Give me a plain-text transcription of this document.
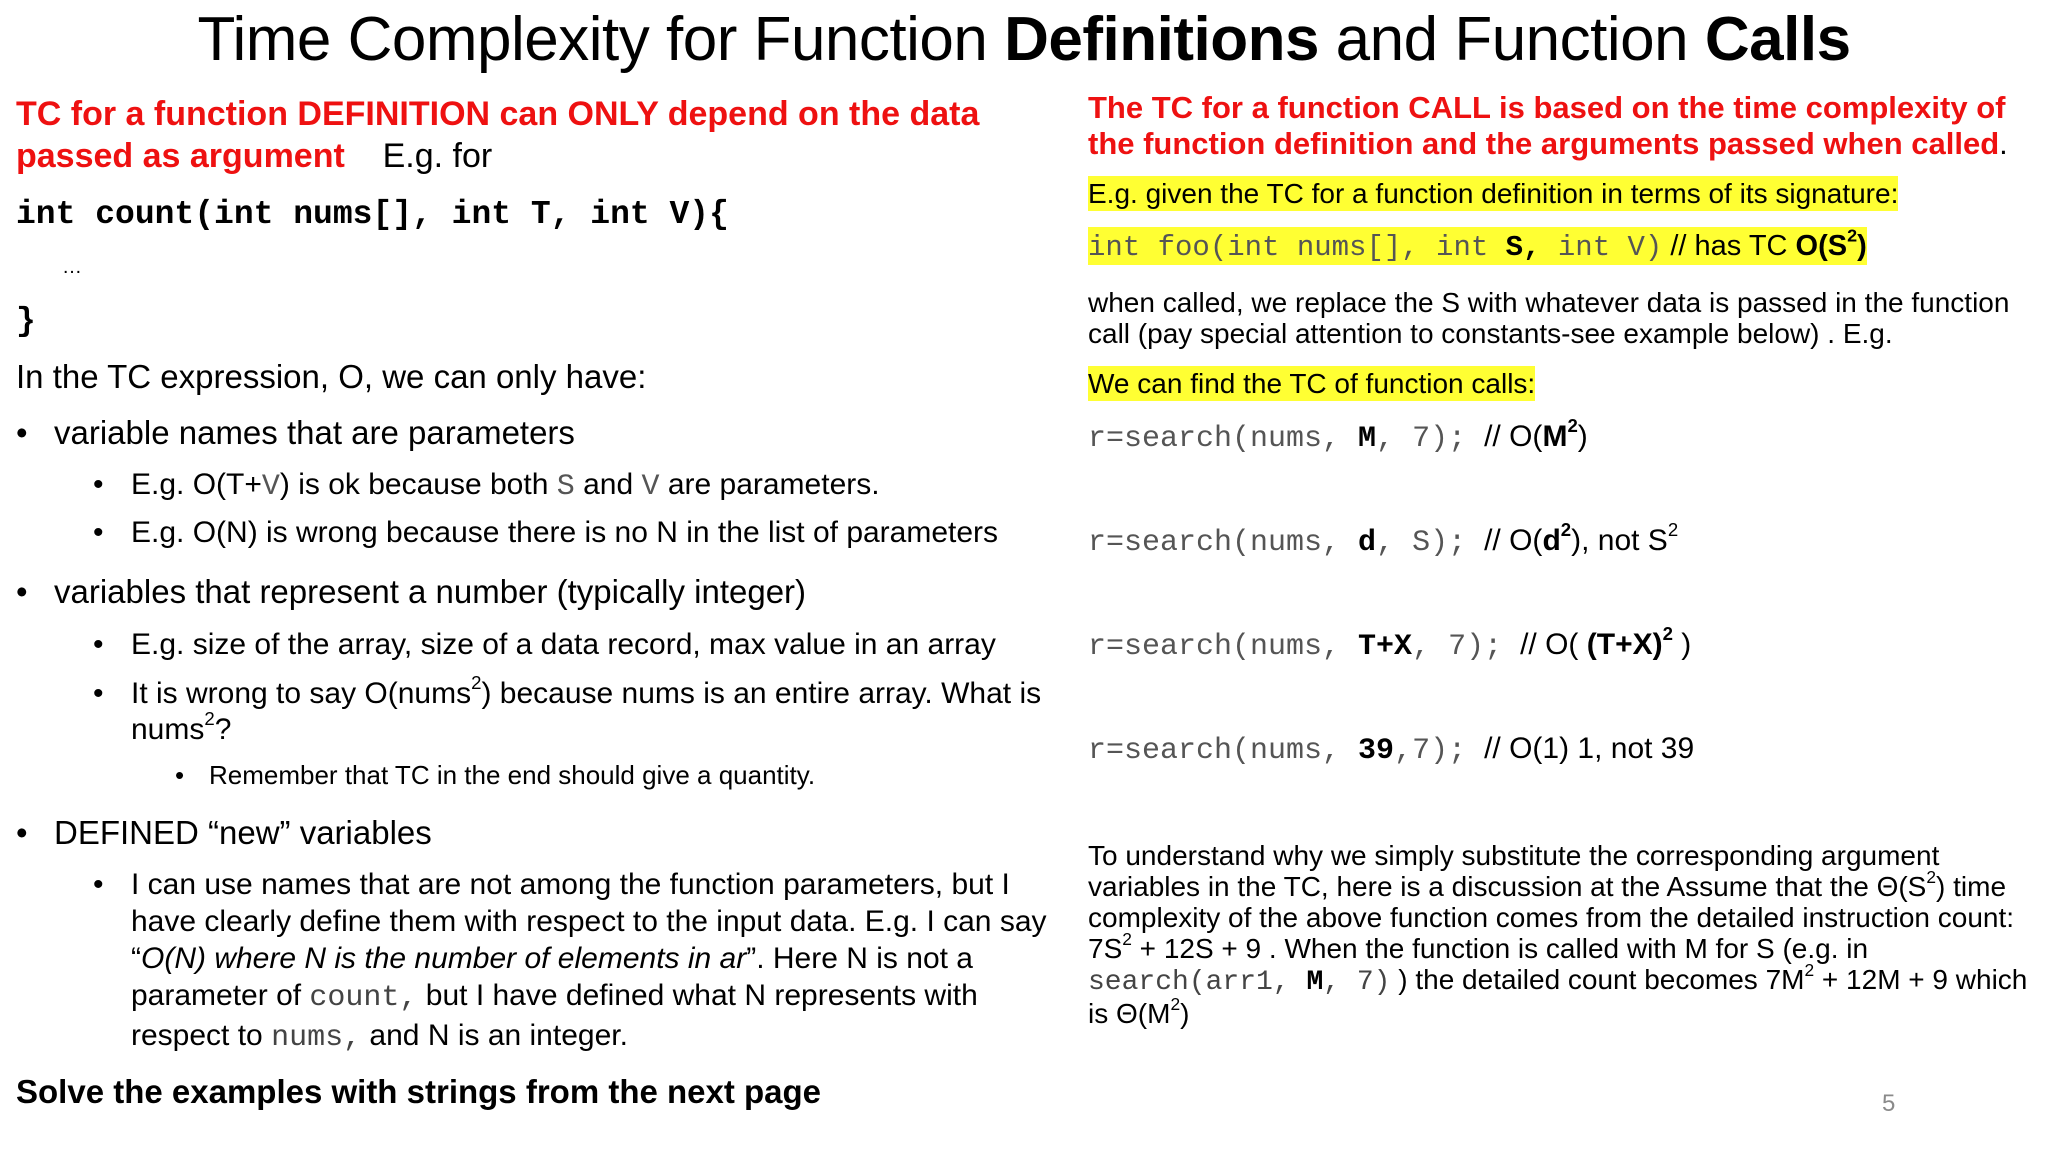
Time Complexity for Function Definitions and Function Calls
TC for a function DEFINITION can ONLY depend on the data passed as argument E.g. for
int count(int nums[], int T, int V){
…
}
In the TC expression, O, we can only have:
• variable names that are parameters
• E.g. O(T+V) is ok because both S and V are parameters.
• E.g. O(N) is wrong because there is no N in the list of parameters
• variables that represent a number (typically integer)
• E.g. size of the array, size of a data record, max value in an array
• It is wrong to say O(nums$^2$) because nums is an entire array. What is nums$^2$?
• Remember that TC in the end should give a quantity.
• DEFINED “new” variables
• I can use names that are not among the function parameters, but I have clearly define them with respect to the input data. E.g. I can say “O(N) where N is the number of elements in ar”. Here N is not a parameter of count, but I have defined what N represents with respect to nums, and N is an integer.
Solve the examples with strings from the next page
The TC for a function CALL is based on the time complexity of the function definition and the arguments passed when called.
E.g. given the TC for a function definition in terms of its signature:
int foo(int nums[], int S, int V) // has TC $O(S^2)$
when called, we replace the S with whatever data is passed in the function call (pay special attention to constants-see example below) . E.g.
We can find the TC of function calls:
r=search(nums, M, 7); // $O(M^2)$
r=search(nums, d, S); // $O(d^2)$, not $S^2$
r=search(nums, T+X, 7); // O( $(T+X)^2$ )
r=search(nums, 39,7); // O(1) 1, not 39
To understand why we simply substitute the corresponding argument variables in the TC, here is a discussion at the Assume that the $\Theta(S^2)$ time complexity of the above function comes from the detailed instruction count: $7S^2 + 12S + 9$ . When the function is called with M for S (e.g. in search(arr1, M, 7) ) the detailed count becomes $7M^2 + 12M + 9$ which is $\Theta(M^2)$
5
